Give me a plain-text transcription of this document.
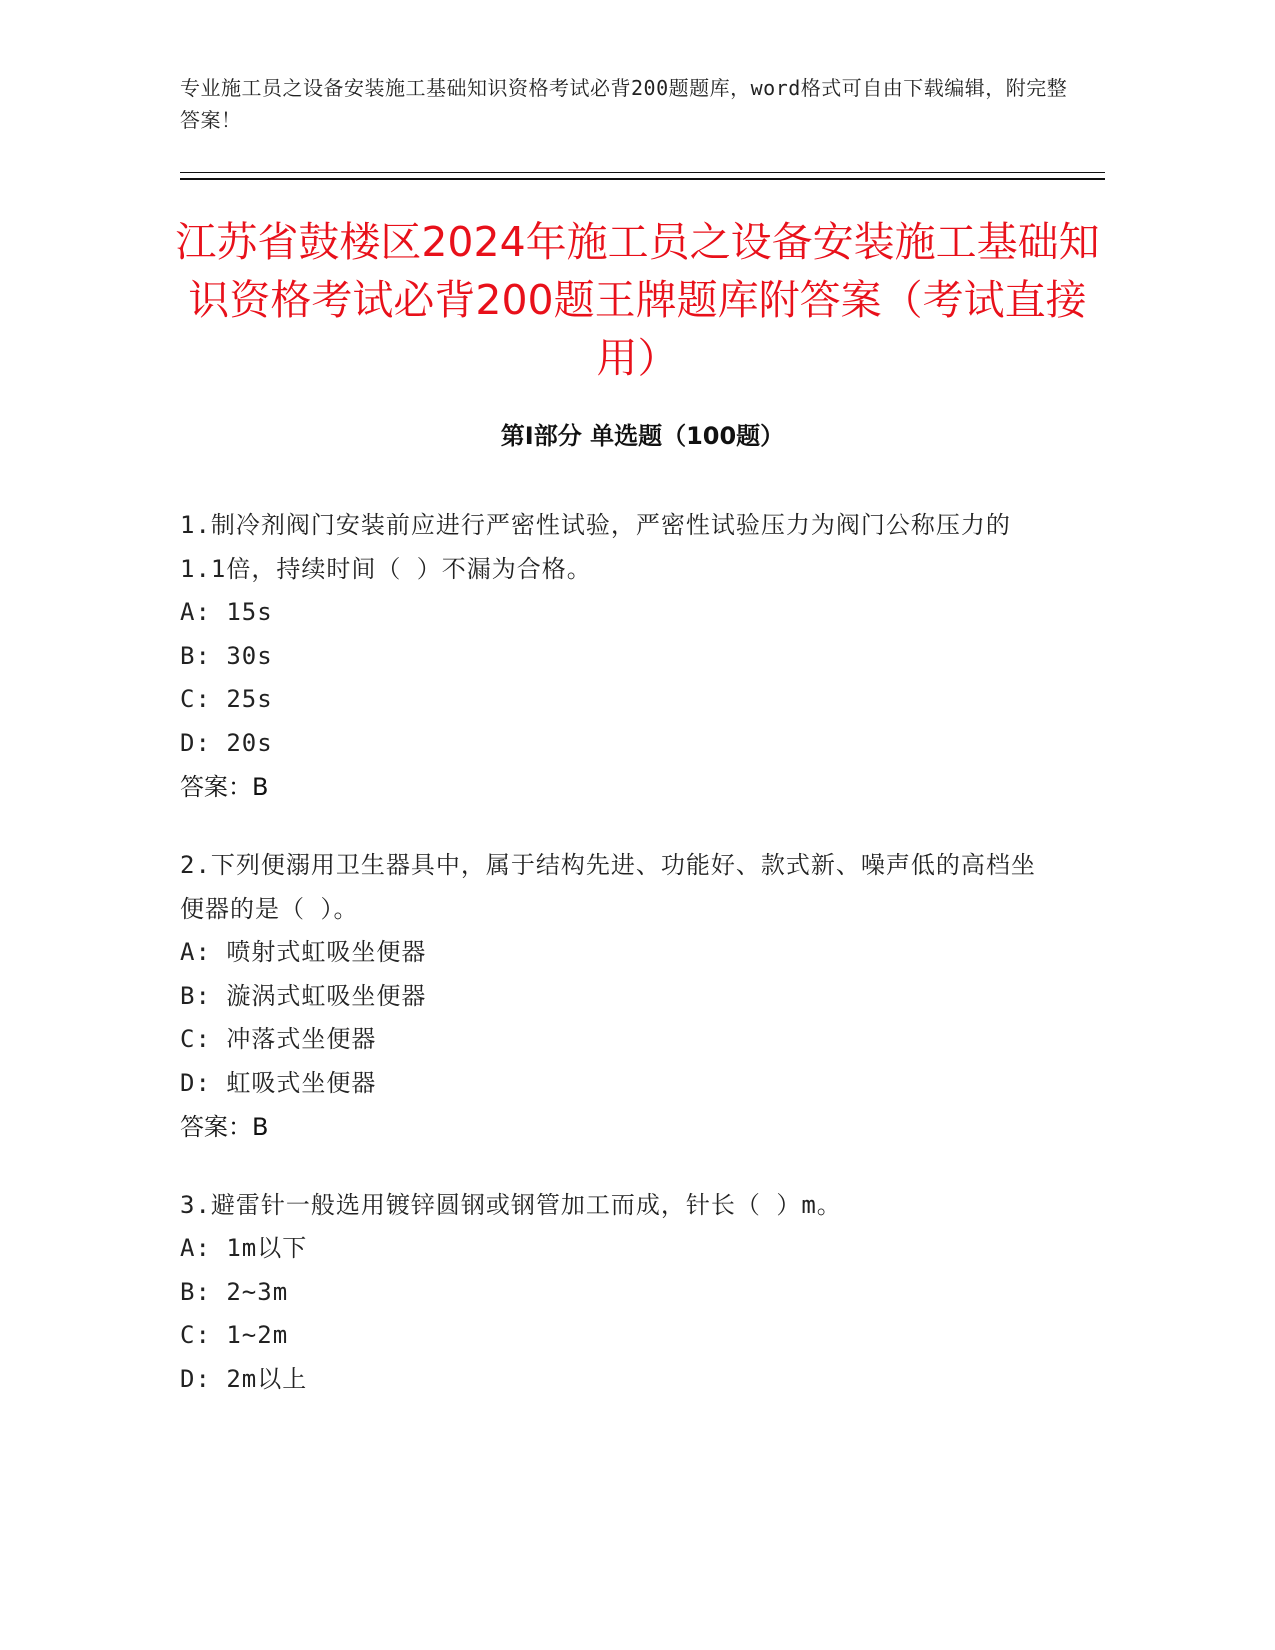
专业施工员之设备安装施工基础知识资格考试必背200题题库，word格式可自由下载编辑，附完整答案！
江苏省鼓楼区2024年施工员之设备安装施工基础知识资格考试必背200题王牌题库附答案（考试直接用）
第Ⅰ部分 单选题（100题）
1.制冷剂阀门安装前应进行严密性试验，严密性试验压力为阀门公称压力的1.1倍，持续时间（ ）不漏为合格。
A: 15s
B: 30s
C: 25s
D: 20s
答案：B
2.下列便溺用卫生器具中，属于结构先进、功能好、款式新、噪声低的高档坐便器的是（ ）。
A: 喷射式虹吸坐便器
B: 漩涡式虹吸坐便器
C: 冲落式坐便器
D: 虹吸式坐便器
答案：B
3.避雷针一般选用镀锌圆钢或钢管加工而成，针长（ ）m。
A: 1m以下
B: 2~3m
C: 1~2m
D: 2m以上
